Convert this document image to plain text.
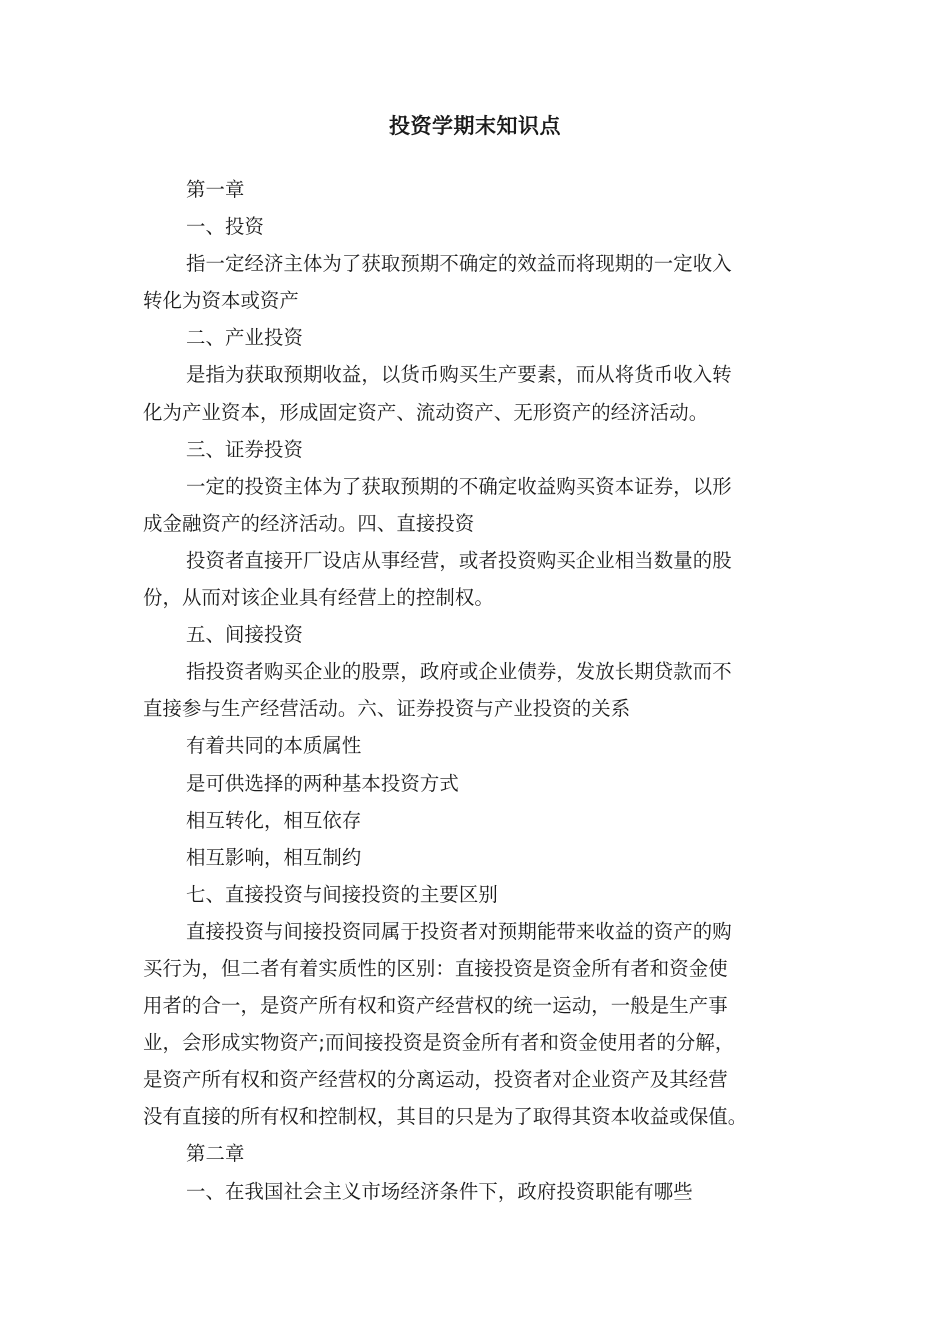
投资学期末知识点
第一章
一、投资
指一定经济主体为了获取预期不确定的效益而将现期的一定收入
转化为资本或资产
二、产业投资
是指为获取预期收益，以货币购买生产要素，而从将货币收入转
化为产业资本，形成固定资产、流动资产、无形资产的经济活动。
三、证券投资
一定的投资主体为了获取预期的不确定收益购买资本证券，以形
成金融资产的经济活动。四、直接投资
投资者直接开厂设店从事经营，或者投资购买企业相当数量的股
份，从而对该企业具有经营上的控制权。
五、间接投资
指投资者购买企业的股票，政府或企业债券，发放长期贷款而不
直接参与生产经营活动。六、证券投资与产业投资的关系
有着共同的本质属性
是可供选择的两种基本投资方式
相互转化，相互依存
相互影响，相互制约
七、直接投资与间接投资的主要区别
直接投资与间接投资同属于投资者对预期能带来收益的资产的购
买行为，但二者有着实质性的区别：直接投资是资金所有者和资金使
用者的合一，是资产所有权和资产经营权的统一运动，一般是生产事
业，会形成实物资产;而间接投资是资金所有者和资金使用者的分解，
是资产所有权和资产经营权的分离运动，投资者对企业资产及其经营
没有直接的所有权和控制权，其目的只是为了取得其资本收益或保值。
第二章
一、在我国社会主义市场经济条件下，政府投资职能有哪些
